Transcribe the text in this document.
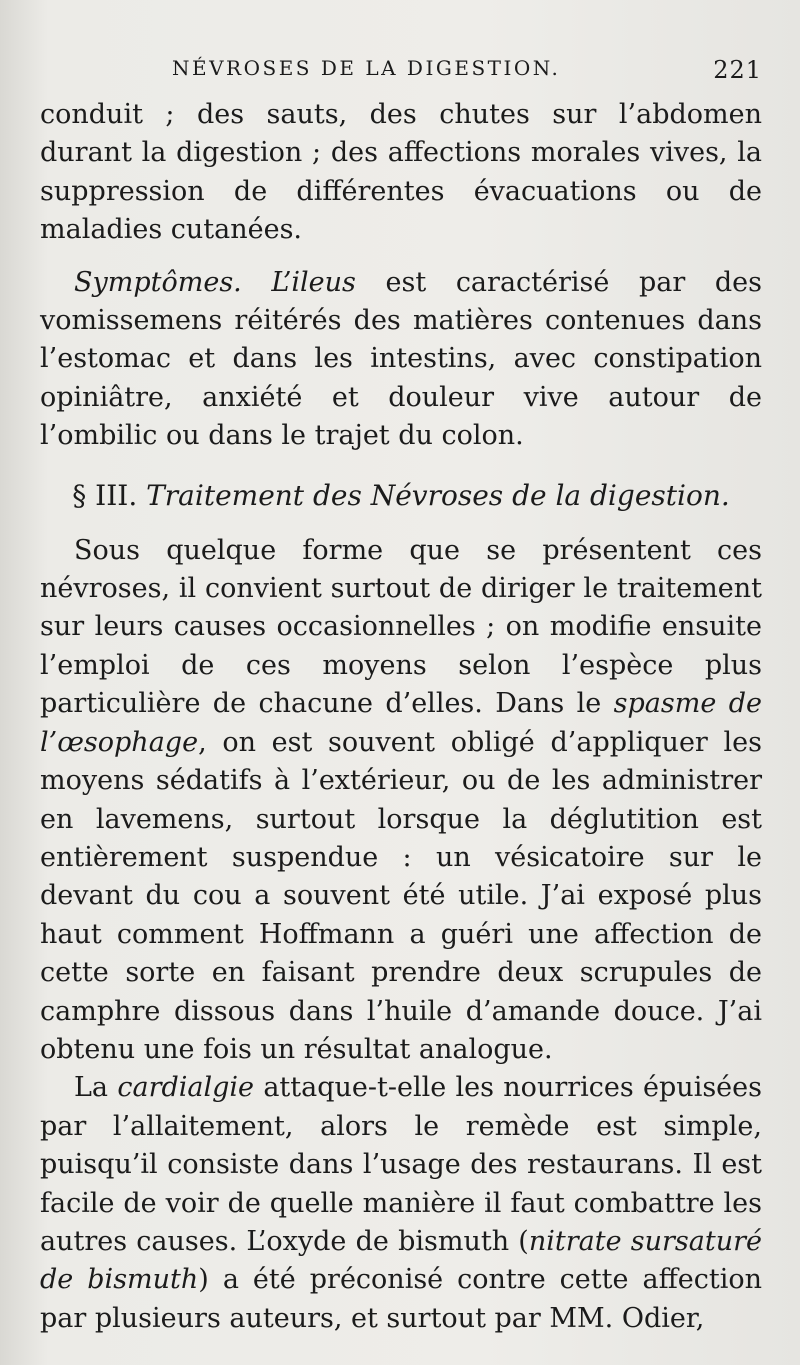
NÉVROSES DE LA DIGESTION.	221

conduit ; des sauts, des chutes sur l’abdomen durant la digestion ; des affections morales vives, la suppression de différentes évacuations ou de maladies cutanées.

Symptômes. L’ileus est caractérisé par des vomissemens réitérés des matières contenues dans l’estomac et dans les intestins, avec constipation opiniâtre, anxiété et douleur vive autour de l’ombilic ou dans le trajet du colon.

§ III. Traitement des Névroses de la digestion.

Sous quelque forme que se présentent ces névroses, il convient surtout de diriger le traitement sur leurs causes occasionnelles ; on modifie ensuite l’emploi de ces moyens selon l’espèce plus particulière de chacune d’elles. Dans le spasme de l’œsophage, on est souvent obligé d’appliquer les moyens sédatifs à l’extérieur, ou de les administrer en lavemens, surtout lorsque la déglutition est entièrement suspendue : un vésicatoire sur le devant du cou a souvent été utile. J’ai exposé plus haut comment Hoffmann a guéri une affection de cette sorte en faisant prendre deux scrupules de camphre dissous dans l’huile d’amande douce. J’ai obtenu une fois un résultat analogue.

La cardialgie attaque-t-elle les nourrices épuisées par l’allaitement, alors le remède est simple, puisqu’il consiste dans l’usage des restaurans. Il est facile de voir de quelle manière il faut combattre les autres causes. L’oxyde de bismuth (nitrate sursaturé de bismuth) a été préconisé contre cette affection par plusieurs auteurs, et surtout par MM. Odier,
